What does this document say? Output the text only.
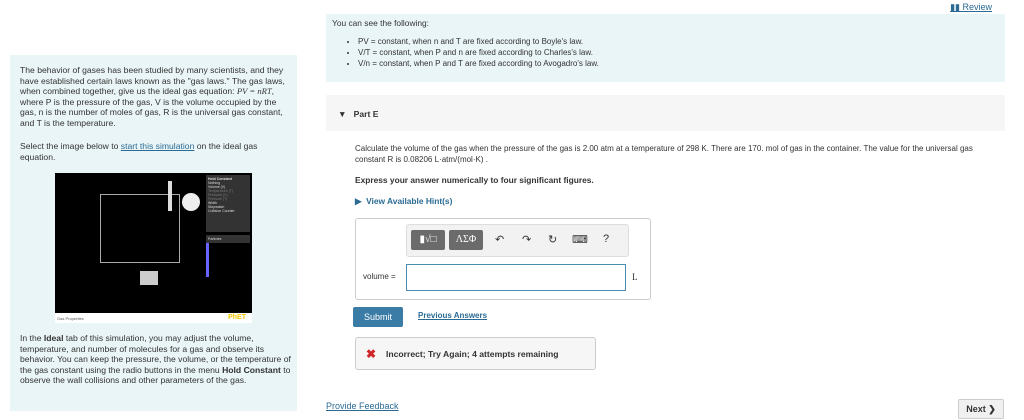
▮▮ Review

The behavior of gases has been studied by many scientists, and they have established certain laws known as the "gas laws." The gas laws, when combined together, give us the ideal gas equation: PV = nRT, where P is the pressure of the gas, V is the volume occupied by the gas, n is the number of moles of gas, R is the universal gas constant, and T is the temperature.

Select the image below to start this simulation on the ideal gas equation.

In the Ideal tab of this simulation, you may adjust the volume, temperature, and number of molecules for a gas and observe its behavior. You can keep the pressure, the volume, or the temperature of the gas constant using the radio buttons in the menu Hold Constant to observe the wall collisions and other parameters of the gas.

Hold Constant
Nothing
Volume (V)
Temperature (T)
Pressure (V)
Pressure (T)
Width
Stopwatch
Collision Counter
Particles
Gas Properties	PhET
You can see the following:
• PV = constant, when n and T are fixed according to Boyle's law.
• V/T = constant, when P and n are fixed according to Charles's law.
• V/n = constant, when P and T are fixed according to Avogadro's law.
▼   Part E
Calculate the volume of the gas when the pressure of the gas is 2.00 atm at a temperature of 298 K. There are 170. mol of gas in the container. The value for the universal gas constant R is 0.08206 L·atm/(mol·K) .
Express your answer numerically to four significant figures.
▶  View Available Hint(s)
▮√□	ΛΣΦ	↶ ↷ ↻ ⌨ ?
volume =	L
Submit	Previous Answers
✖ Incorrect; Try Again; 4 attempts remaining
Provide Feedback	Next ❯
